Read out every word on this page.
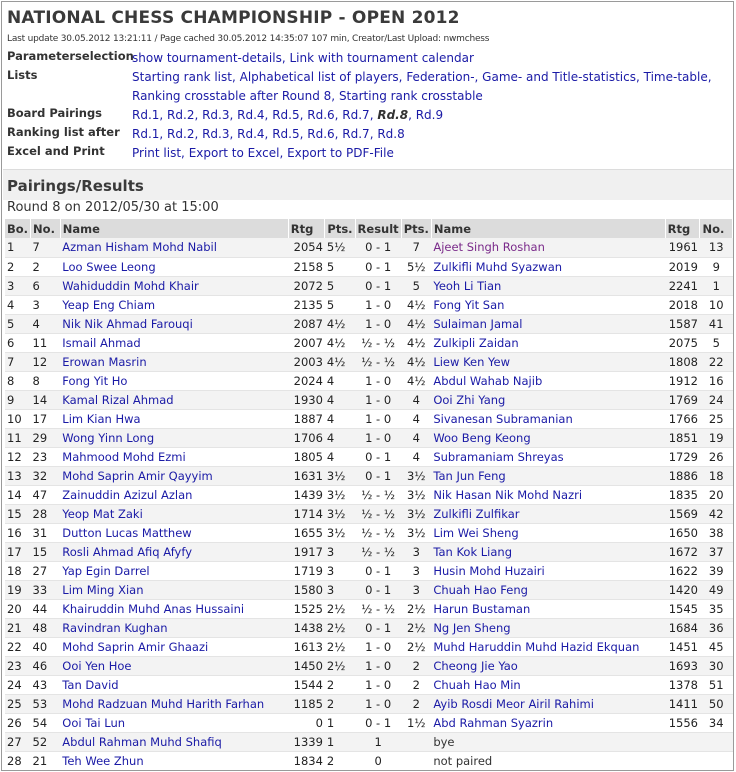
NATIONAL CHESS CHAMPIONSHIP - OPEN 2012
Last update 30.05.2012 13:21:11 / Page cached 30.05.2012 14:35:07 107 min, Creator/Last Upload: nwmchess
Parameterselection
show tournament-details, Link with tournament calendar
Lists	Starting rank list, Alphabetical list of players, Federation-, Game- and Title-statistics, Time-table, Ranking crosstable after Round 8, Starting rank crosstable
Board Pairings Rd.1, Rd.2, Rd.3, Rd.4, Rd.5, Rd.6, Rd.7, Rd.8, Rd.9
Ranking list after Rd.1, Rd.2, Rd.3, Rd.4, Rd.5, Rd.6, Rd.7, Rd.8
Excel and Print Print list, Export to Excel, Export to PDF-File
Pairings/Results
Round 8 on 2012/05/30 at 15:00
Bo.	No.	Name	Rtg	Pts.	Result	Pts.	Name	Rtg	No.
1	7	Azman Hisham Mohd Nabil	2054	5½	0 - 1	7	Ajeet Singh Roshan	1961	13
2	2	Loo Swee Leong	2158	5	0 - 1	5½	Zulkifli Muhd Syazwan	2019	9
3	6	Wahiduddin Mohd Khair	2072	5	0 - 1	5	Yeoh Li Tian	2241	1
4	3	Yeap Eng Chiam	2135	5	1 - 0	4½	Fong Yit San	2018	10
5	4	Nik Nik Ahmad Farouqi	2087	4½	1 - 0	4½	Sulaiman Jamal	1587	41
6	11	Ismail Ahmad	2007	4½	½ - ½	4½	Zulkipli Zaidan	2075	5
7	12	Erowan Masrin	2003	4½	½ - ½	4½	Liew Ken Yew	1808	22
8	8	Fong Yit Ho	2024	4	1 - 0	4½	Abdul Wahab Najib	1912	16
9	14	Kamal Rizal Ahmad	1930	4	1 - 0	4	Ooi Zhi Yang	1769	24
10	17	Lim Kian Hwa	1887	4	1 - 0	4	Sivanesan Subramanian	1766	25
11	29	Wong Yinn Long	1706	4	1 - 0	4	Woo Beng Keong	1851	19
12	23	Mahmood Mohd Ezmi	1805	4	0 - 1	4	Subramaniam Shreyas	1729	26
13	32	Mohd Saprin Amir Qayyim	1631	3½	0 - 1	3½	Tan Jun Feng	1886	18
14	47	Zainuddin Azizul Azlan	1439	3½	½ - ½	3½	Nik Hasan Nik Mohd Nazri	1835	20
15	28	Yeop Mat Zaki	1714	3½	½ - ½	3½	Zulkifli Zulfikar	1569	42
16	31	Dutton Lucas Matthew	1655	3½	½ - ½	3½	Lim Wei Sheng	1650	38
17	15	Rosli Ahmad Afiq Afyfy	1917	3	½ - ½	3	Tan Kok Liang	1672	37
18	27	Yap Egin Darrel	1719	3	0 - 1	3	Husin Mohd Huzairi	1622	39
19	33	Lim Ming Xian	1580	3	0 - 1	3	Chuah Hao Feng	1420	49
20	44	Khairuddin Muhd Anas Hussaini	1525	2½	½ - ½	2½	Harun Bustaman	1545	35
21	48	Ravindran Kughan	1438	2½	0 - 1	2½	Ng Jen Sheng	1684	36
22	40	Mohd Saprin Amir Ghaazi	1613	2½	1 - 0	2½	Muhd Haruddin Muhd Hazid Ekquan	1451	45
23	46	Ooi Yen Hoe	1450	2½	1 - 0	2	Cheong Jie Yao	1693	30
24	43	Tan David	1544	2	1 - 0	2	Chuah Hao Min	1378	51
25	53	Mohd Radzuan Muhd Harith Farhan	1185	2	1 - 0	2	Ayib Rosdi Meor Airil Rahimi	1411	50
26	54	Ooi Tai Lun	0	1	0 - 1	1½	Abd Rahman Syazrin	1556	34
27	52	Abdul Rahman Muhd Shafiq	1339	1	1		bye		
28	21	Teh Wee Zhun	1834	2	0		not paired		
